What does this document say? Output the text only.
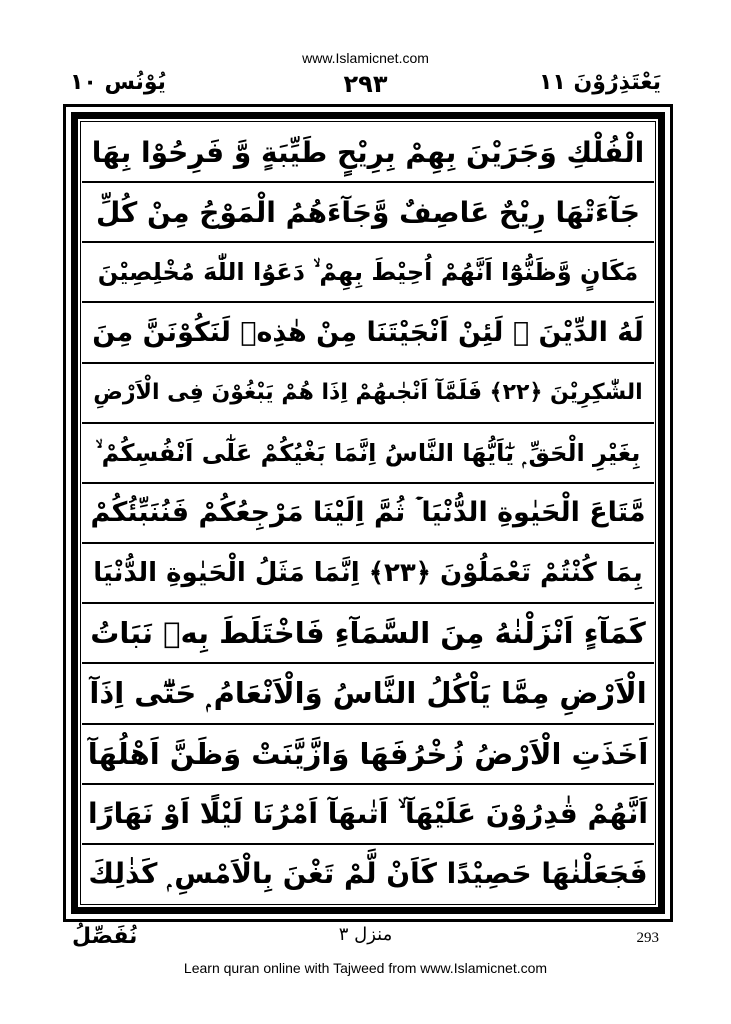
www.Islamicnet.com
٢٩٣	يَعْتَذِرُوْنَ ١١
يُوْنُس ١٠
الْفُلْكِ وَجَرَيْنَ بِهِمْ بِرِيْحٍ طَيِّبَةٍ وَّ فَرِحُوْا بِهَا
جَآءَتْهَا رِيْحٌ عَاصِفٌ وَّجَآءَهُمُ الْمَوْجُ مِنْ كُلِّ
مَكَانٍ وَّظَنُّوْٓا اَنَّهُمْ اُحِيْطَ بِهِمْ ۙ دَعَوُا اللّٰهَ مُخْلِصِيْنَ
لَهُ الدِّيْنَ ۚ لَئِنْ اَنْجَيْتَنَا مِنْ هٰذِهٖ لَنَكُوْنَنَّ مِنَ
الشّٰكِرِيْنَ ﴿٢٢﴾ فَلَمَّآ اَنْجٰىهُمْ اِذَا هُمْ يَبْغُوْنَ فِى الْاَرْضِ
بِغَيْرِ الْحَقِّ ۭ يٰٓاَيُّهَا النَّاسُ اِنَّمَا بَغْيُكُمْ عَلٰٓى اَنْفُسِكُمْ ۙ
مَّتَاعَ الْحَيٰوةِ الدُّنْيَا ۡ ثُمَّ اِلَيْنَا مَرْجِعُكُمْ فَنُنَبِّئُكُمْ
بِمَا كُنْتُمْ تَعْمَلُوْنَ ﴿٢٣﴾ اِنَّمَا مَثَلُ الْحَيٰوةِ الدُّنْيَا
كَمَآءٍ اَنْزَلْنٰهُ مِنَ السَّمَآءِ فَاخْتَلَطَ بِهٖ نَبَاتُ
الْاَرْضِ مِمَّا يَاْكُلُ النَّاسُ وَالْاَنْعَامُ ۭ حَتّٰٓى اِذَآ
اَخَذَتِ الْاَرْضُ زُخْرُفَهَا وَازَّيَّنَتْ وَظَنَّ اَهْلُهَآ
اَنَّهُمْ قٰدِرُوْنَ عَلَيْهَآ ۙ اَتٰىهَآ اَمْرُنَا لَيْلًا اَوْ نَهَارًا
فَجَعَلْنٰهَا حَصِيْدًا كَاَنْ لَّمْ تَغْنَ بِالْاَمْسِ ۭ كَذٰلِكَ
نُفَصِّلُ	منزل ٣	293
Learn quran online with Tajweed from www.Islamicnet.com
